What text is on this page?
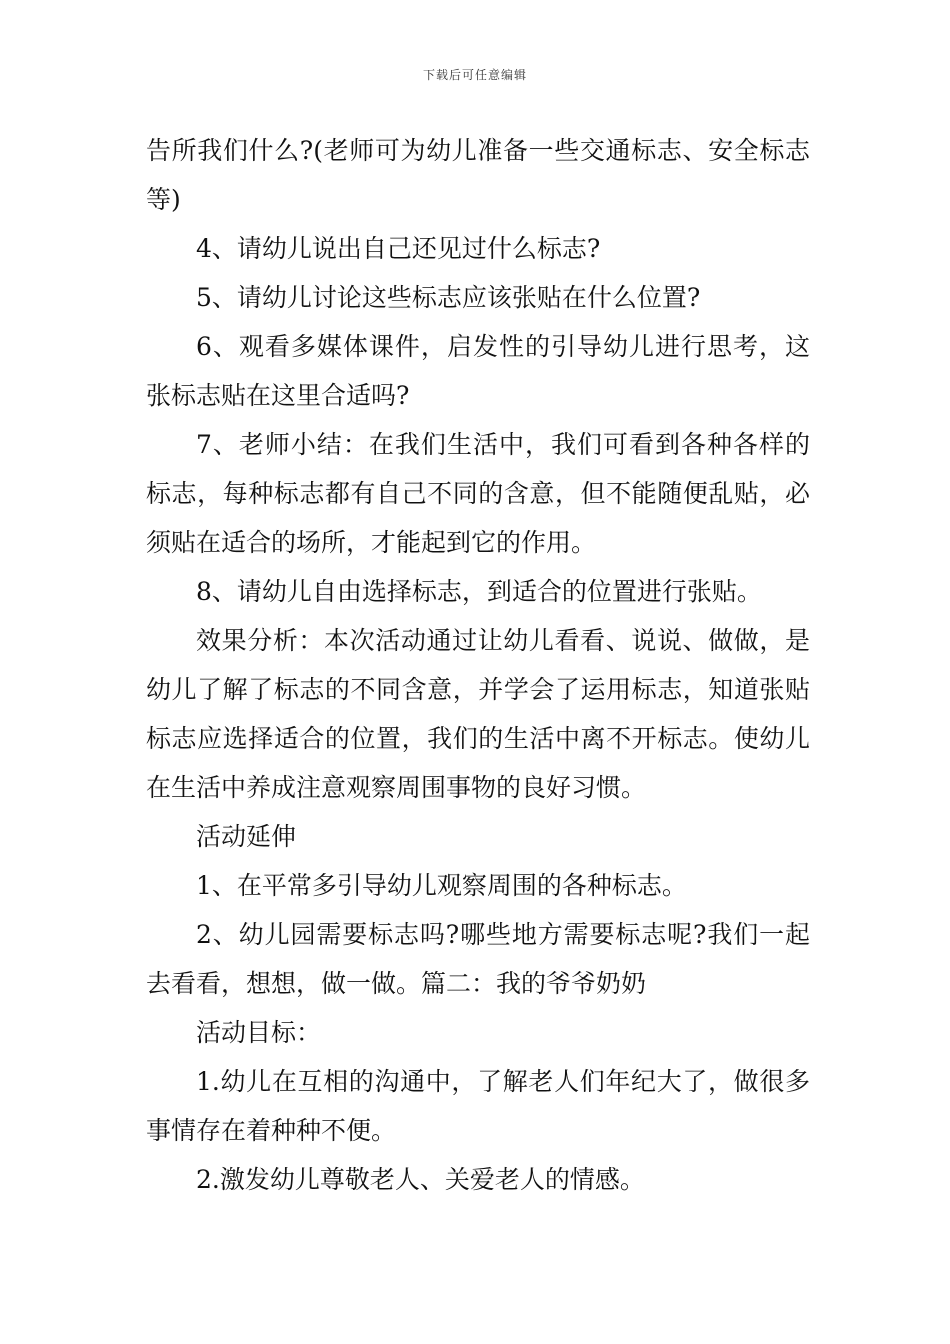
下载后可任意编辑

告所我们什么?(老师可为幼儿准备一些交通标志、安全标志等)

4、请幼儿说出自己还见过什么标志?

5、请幼儿讨论这些标志应该张贴在什么位置?

6、观看多媒体课件，启发性的引导幼儿进行思考，这张标志贴在这里合适吗?

7、老师小结：在我们生活中，我们可看到各种各样的标志，每种标志都有自己不同的含意，但不能随便乱贴，必须贴在适合的场所，才能起到它的作用。

8、请幼儿自由选择标志，到适合的位置进行张贴。

效果分析：本次活动通过让幼儿看看、说说、做做，是幼儿了解了标志的不同含意，并学会了运用标志，知道张贴标志应选择适合的位置，我们的生活中离不开标志。使幼儿在生活中养成注意观察周围事物的良好习惯。

活动延伸

1、在平常多引导幼儿观察周围的各种标志。

2、幼儿园需要标志吗?哪些地方需要标志呢?我们一起去看看，想想，做一做。篇二：我的爷爷奶奶

活动目标：

1.幼儿在互相的沟通中，了解老人们年纪大了，做很多事情存在着种种不便。

2.激发幼儿尊敬老人、关爱老人的情感。
